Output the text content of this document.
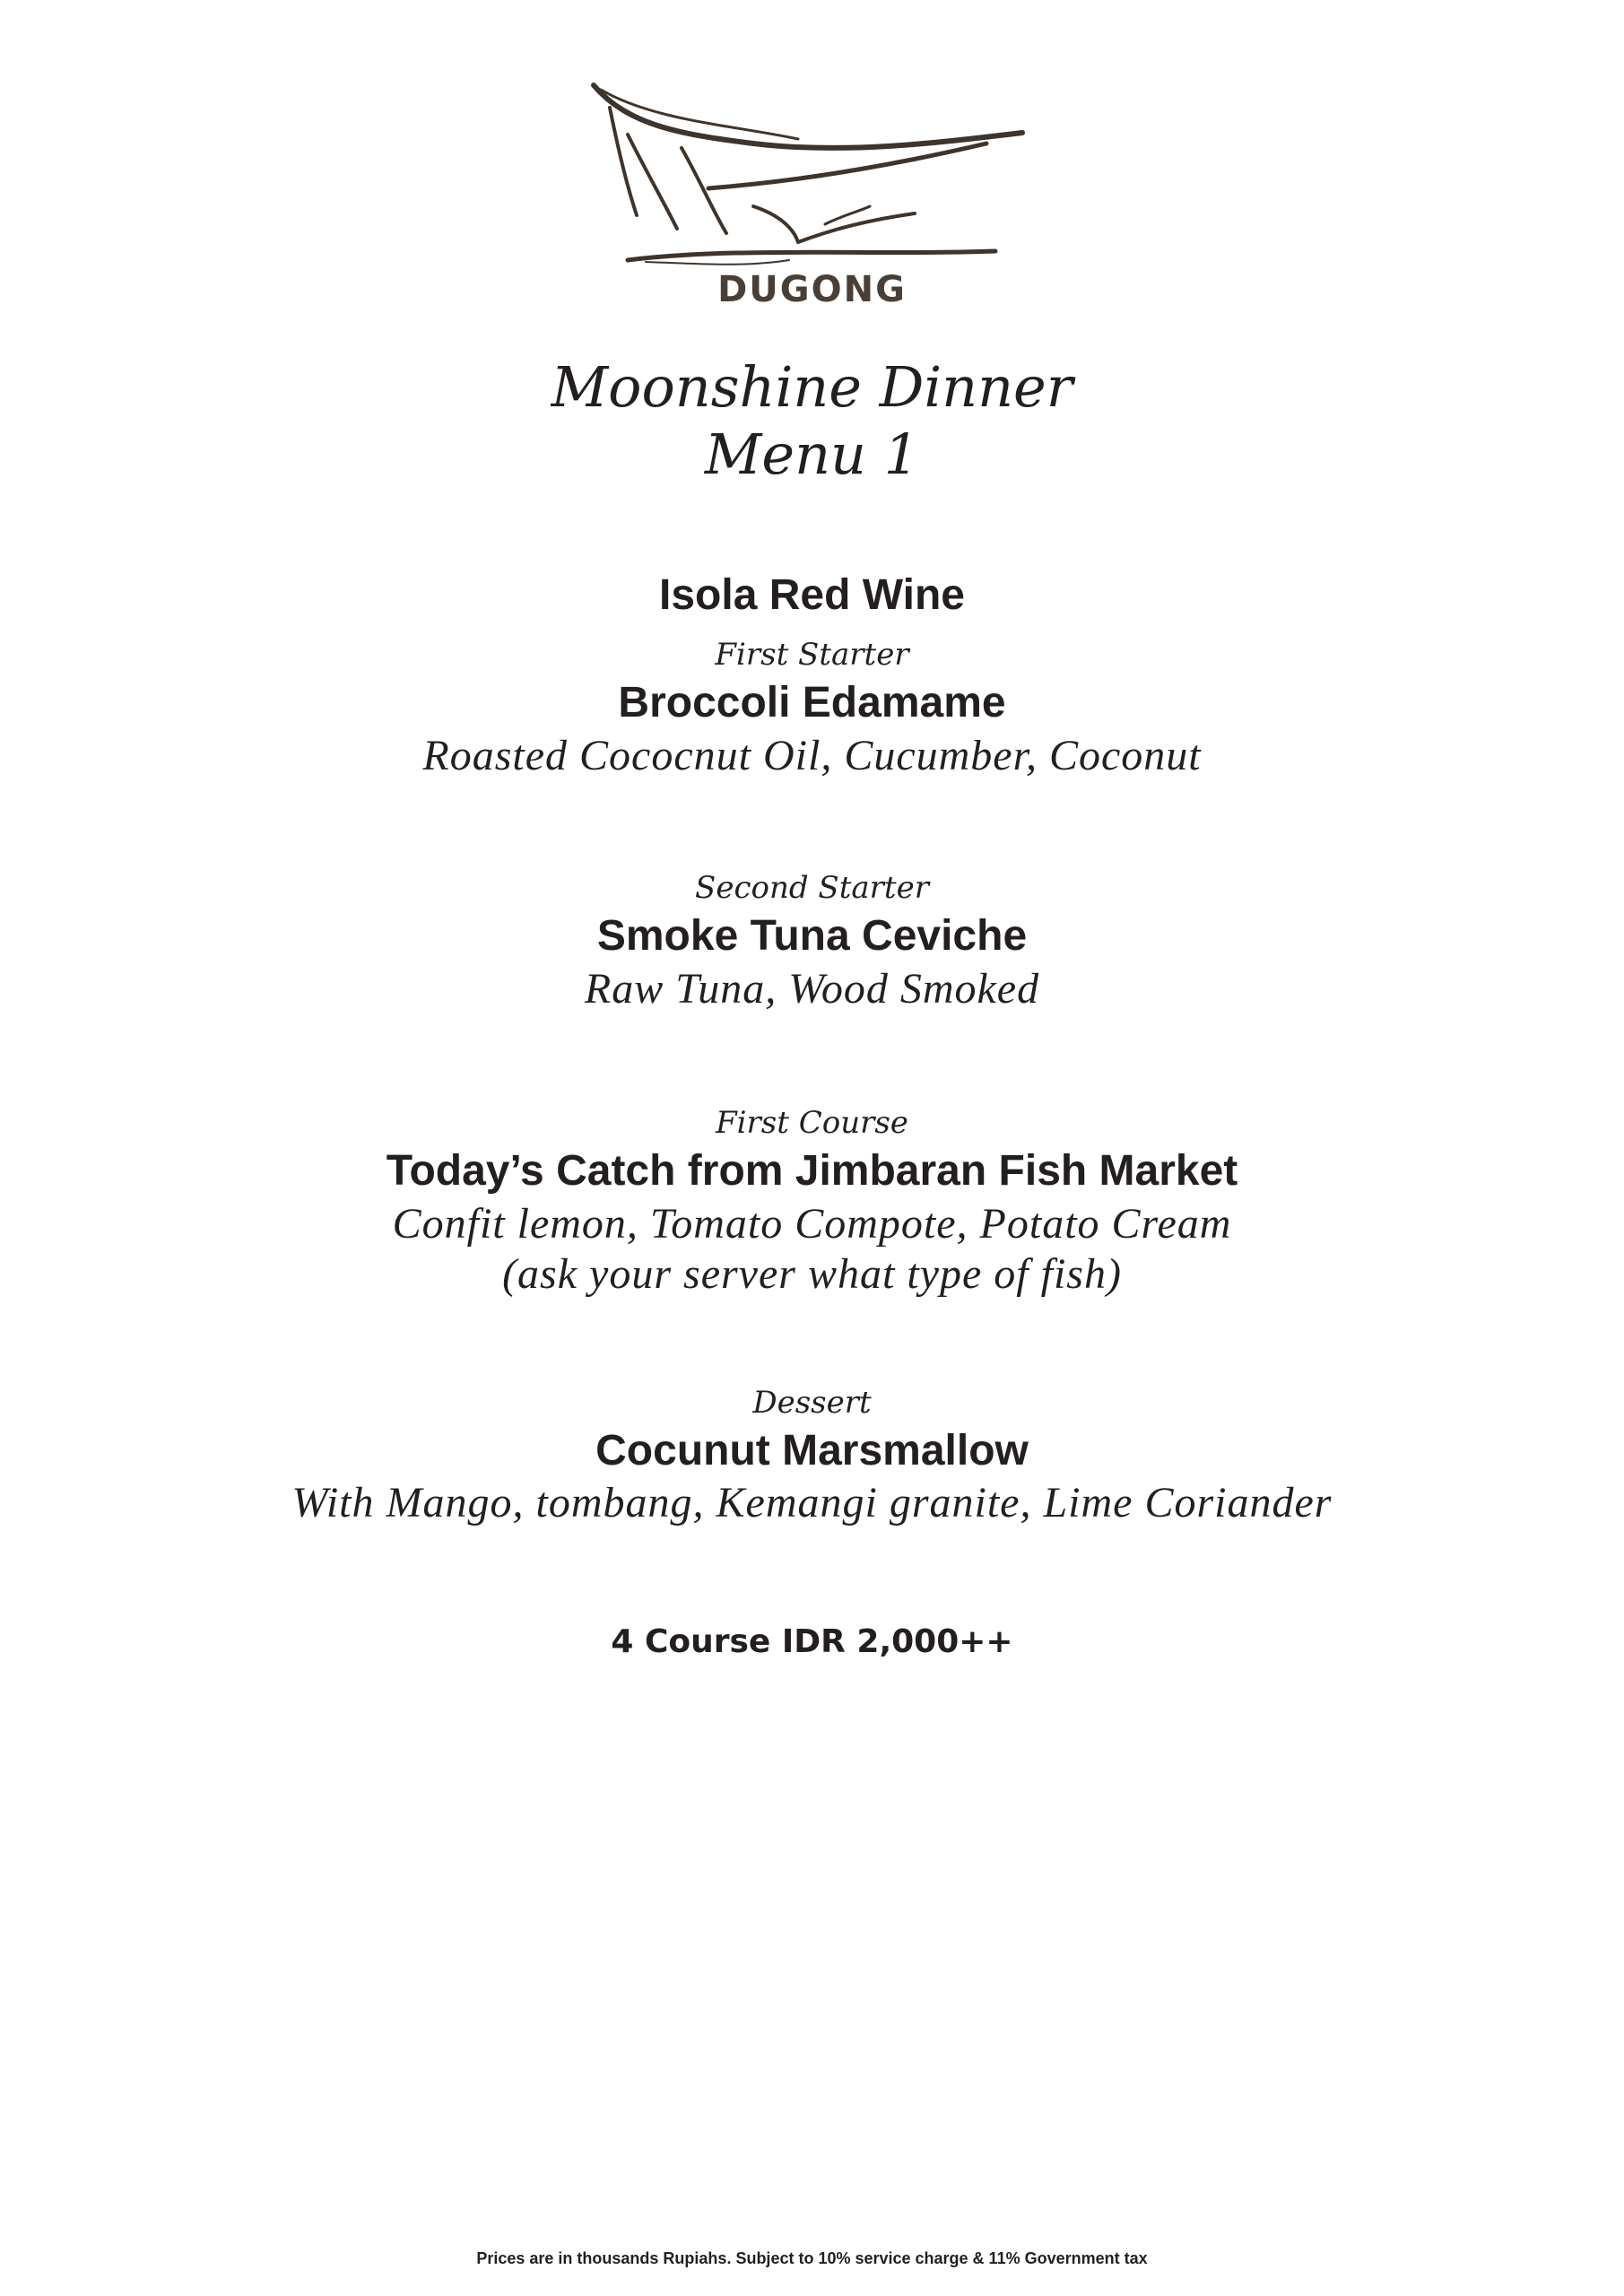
DUGONG
Moonshine Dinner
Menu 1
Isola Red Wine
First Starter
Broccoli Edamame
Roasted Cococnut Oil, Cucumber, Coconut
Second Starter
Smoke Tuna Ceviche
Raw Tuna, Wood Smoked
First Course
Today’s Catch from Jimbaran Fish Market
Confit lemon, Tomato Compote, Potato Cream
(ask your server what type of fish)
Dessert
Cocunut Marsmallow
With Mango, tombang, Kemangi granite, Lime Coriander
4 Course IDR 2,000++
Prices are in thousands Rupiahs. Subject to 10% service charge & 11% Government tax
